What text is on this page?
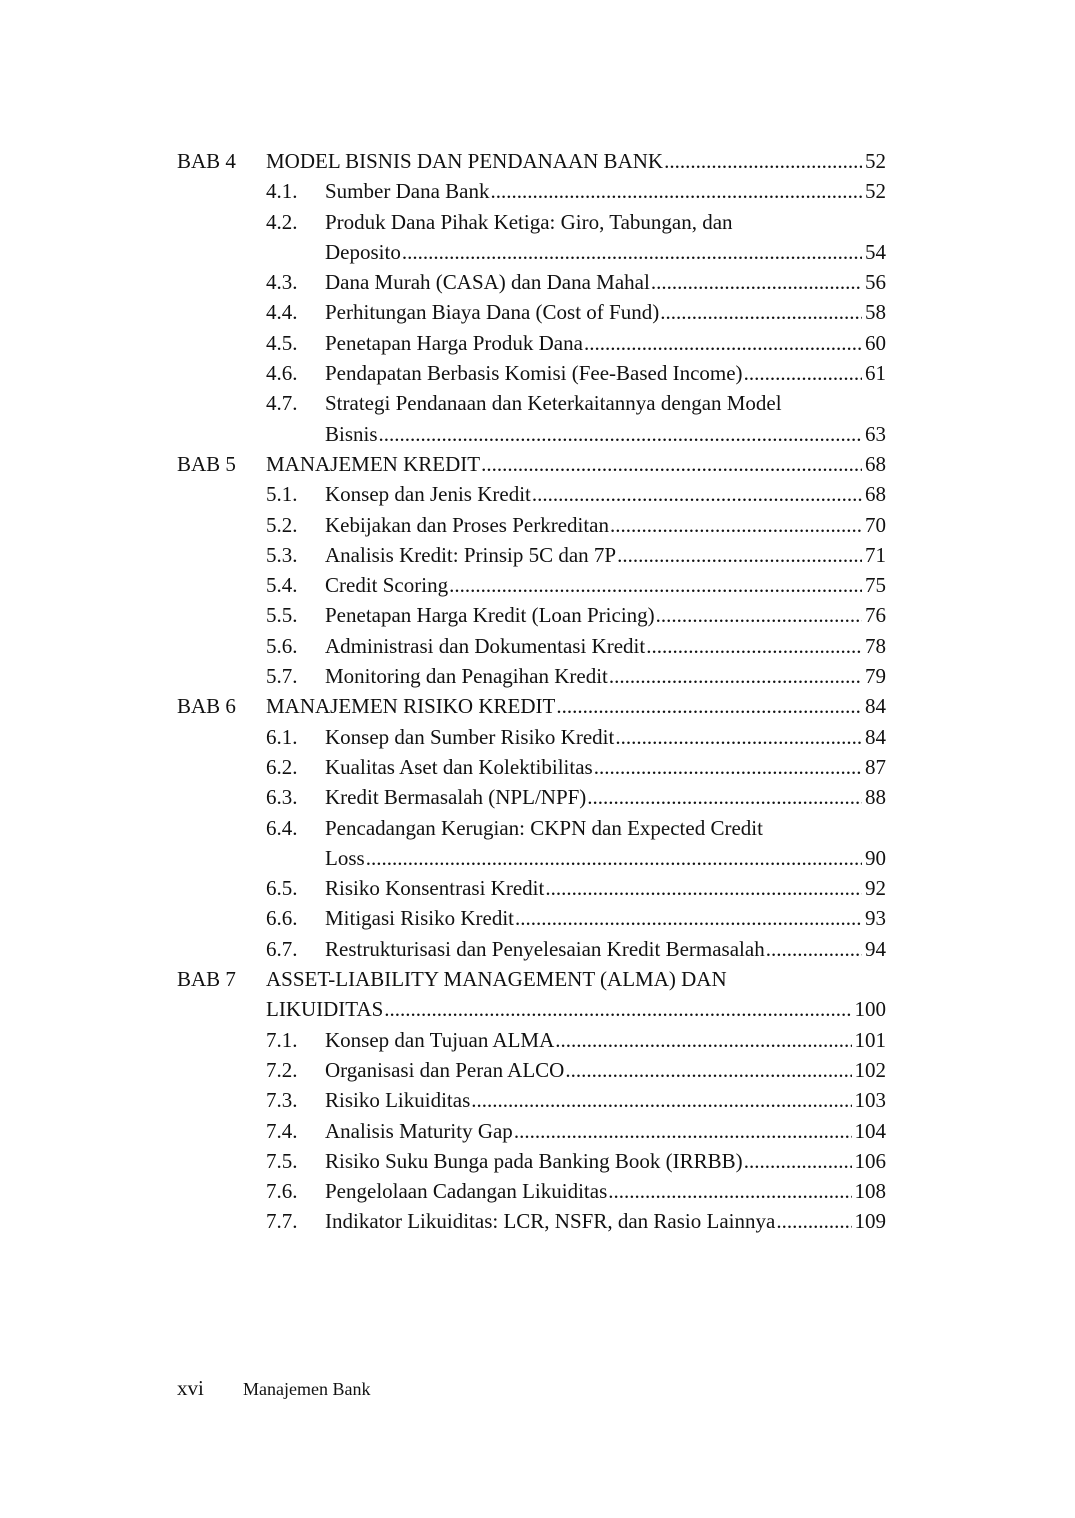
BAB 4 MODEL BISNIS DAN PENDANAAN BANK .....	52
4.1. Sumber Dana Bank .....	52
4.2. Produk Dana Pihak Ketiga: Giro, Tabungan, dan
Deposito .....	54
4.3. Dana Murah (CASA) dan Dana Mahal .....	56
4.4. Perhitungan Biaya Dana (Cost of Fund) .....	58
4.5. Penetapan Harga Produk Dana .....	60
4.6. Pendapatan Berbasis Komisi (Fee-Based Income) .....	61
4.7. Strategi Pendanaan dan Keterkaitannya dengan Model
Bisnis .....	63
BAB 5 MANAJEMEN KREDIT .....	68
5.1. Konsep dan Jenis Kredit .....	68
5.2. Kebijakan dan Proses Perkreditan .....	70
5.3. Analisis Kredit: Prinsip 5C dan 7P .....	71
5.4. Credit Scoring .....	75
5.5. Penetapan Harga Kredit (Loan Pricing) .....	76
5.6. Administrasi dan Dokumentasi Kredit .....	78
5.7. Monitoring dan Penagihan Kredit .....	79
BAB 6 MANAJEMEN RISIKO KREDIT .....	84
6.1. Konsep dan Sumber Risiko Kredit .....	84
6.2. Kualitas Aset dan Kolektibilitas .....	87
6.3. Kredit Bermasalah (NPL/NPF) .....	88
6.4. Pencadangan Kerugian: CKPN dan Expected Credit
Loss .....	90
6.5. Risiko Konsentrasi Kredit .....	92
6.6. Mitigasi Risiko Kredit .....	93
6.7. Restrukturisasi dan Penyelesaian Kredit Bermasalah .....	94
BAB 7 ASSET-LIABILITY MANAGEMENT (ALMA) DAN
LIKUIDITAS .....	100
7.1. Konsep dan Tujuan ALMA .....	101
7.2. Organisasi dan Peran ALCO .....	102
7.3. Risiko Likuiditas .....	103
7.4. Analisis Maturity Gap .....	104
7.5. Risiko Suku Bunga pada Banking Book (IRRBB) .....	106
7.6. Pengelolaan Cadangan Likuiditas .....	108
7.7. Indikator Likuiditas: LCR, NSFR, dan Rasio Lainnya .....	109
xvi Manajemen Bank
